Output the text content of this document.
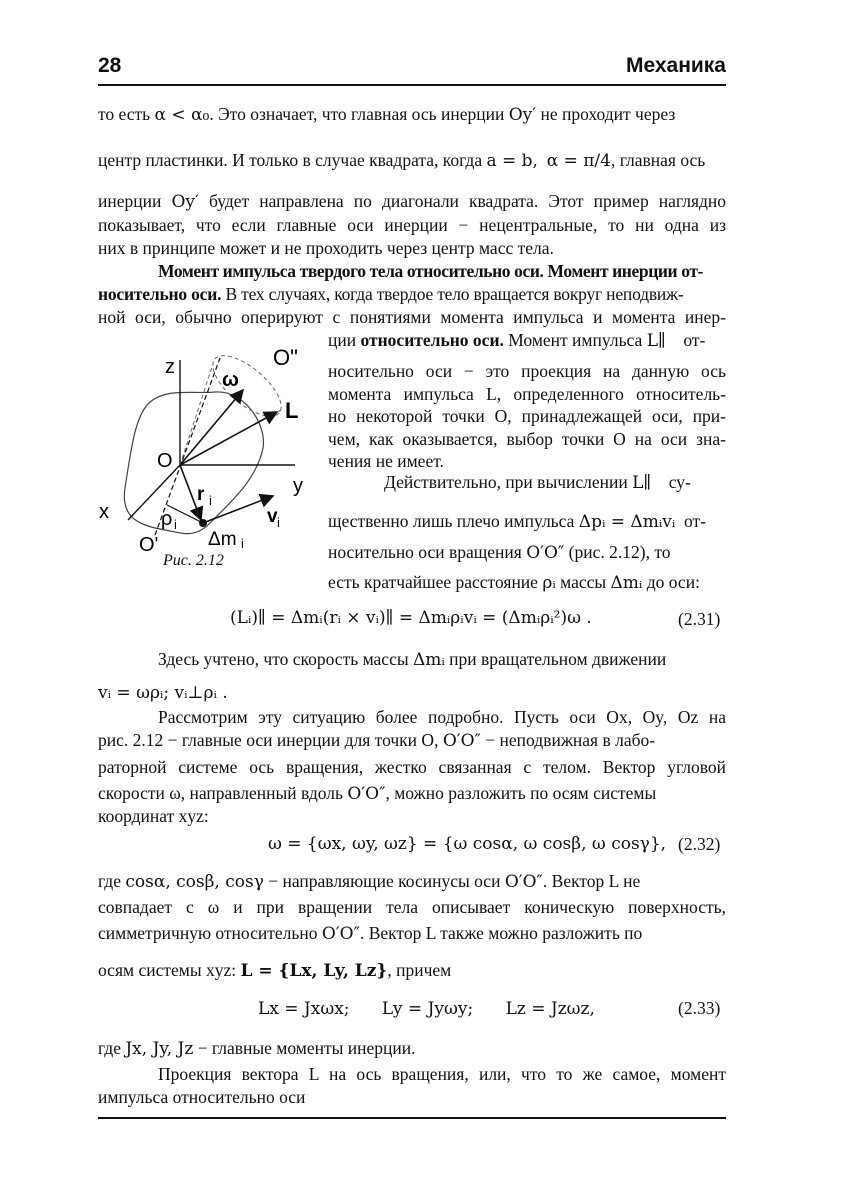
28	Механика
то есть α < α₀. Это означает, что главная ось инерции Oy′ не проходит через
центр пластинки. И только в случае квадрата, когда a = b, α = π/4, главная ось
инерции Oy′ будет направлена по диагонали квадрата. Этот пример наглядно
показывает, что если главные оси инерции − нецентральные, то ни одна из
них в принципе может и не проходить через центр масс тела.
Момент импульса твердого тела относительно оси. Момент инерции от-
носительно оси. В тех случаях, когда твердое тело вращается вокруг неподвиж-
ной оси, обычно оперируют с понятиями момента импульса и момента инер-
ции относительно оси. Момент импульса L∥    от-
носительно оси − это проекция на данную ось
момента импульса L, определенного относитель-
но некоторой точки O, принадлежащей оси, при-
чем, как оказывается, выбор точки O на оси зна-
чения не имеет.
Действительно, при вычислении L∥    су-
щественно лишь плечо импульса Δpᵢ = Δmᵢvᵢ  от-
носительно оси вращения O′O″ (рис. 2.12), то
есть кратчайшее расстояние ρᵢ массы Δmᵢ до оси:
z
y
x
O
O'
O"
ω
L
r i
v i
ρ i
Δm i
Рис. 2.12
(Lᵢ)∥ = Δmᵢ(rᵢ × vᵢ)∥ = Δmᵢρᵢvᵢ = (Δmᵢρᵢ²)ω .	(2.31)
Здесь учтено, что скорость массы Δmᵢ при вращательном движении
vᵢ = ωρᵢ; vᵢ⊥ρᵢ .
Рассмотрим эту ситуацию более подробно. Пусть оси Ox, Oy, Oz на
рис. 2.12 − главные оси инерции для точки O, O′O″ − неподвижная в лабо-
раторной системе ось вращения, жестко связанная с телом. Вектор угловой
скорости ω, направленный вдоль O′O″, можно разложить по осям системы
координат xyz:
ω = {ωx, ωy, ωz} = {ω cosα, ω cosβ, ω cosγ}, (2.32)
где cosα, cosβ, cosγ − направляющие косинусы оси O′O″. Вектор L не
совпадает с ω и при вращении тела описывает коническую поверхность,
симметричную относительно O′O″. Вектор L также можно разложить по
осям системы xyz: L = {Lx, Ly, Lz}, причем
Lx = Jxωx;      Ly = Jyωy;      Lz = Jzωz,	(2.33)
где Jx, Jy, Jz − главные моменты инерции.
Проекция вектора L на ось вращения, или, что то же самое, момент
импульса относительно оси
